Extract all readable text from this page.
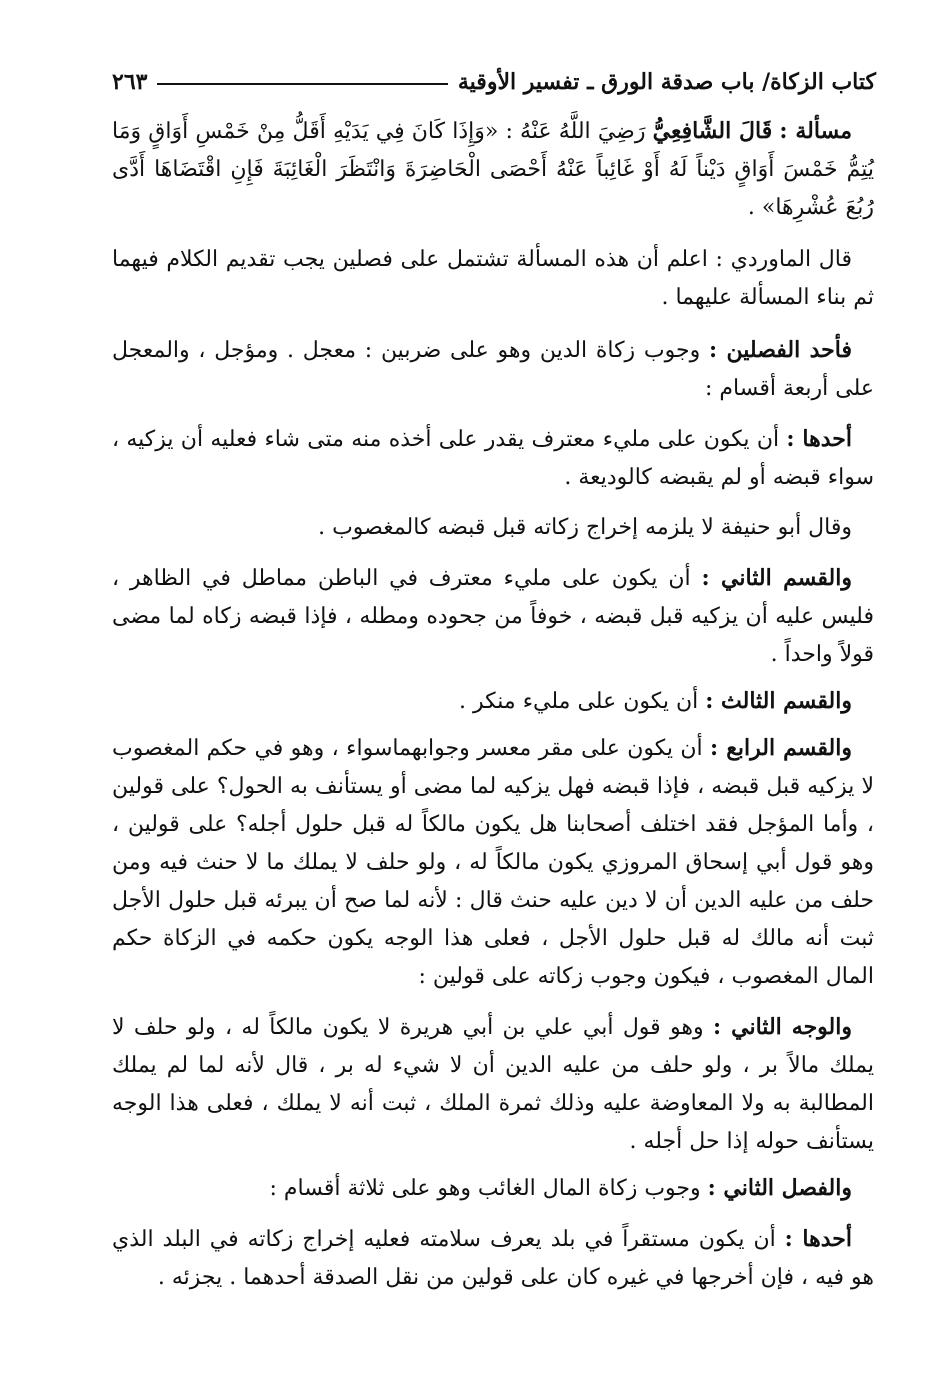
كتاب الزكاة/ باب صدقة الورق ـ تفسير الأوقية
٢٦٣

مسألة : قَالَ الشَّافِعِيُّ رَضِيَ اللَّهُ عَنْهُ : «وَإِذَا كَانَ فِي يَدَيْهِ أَقَلُّ مِنْ خَمْسِ أَوَاقٍ وَمَا يُتِمُّ خَمْسَ أَوَاقٍ دَيْناً لَهُ أَوْ غَائِباً عَنْهُ أَحْصَى الْحَاضِرَةَ وَانْتَظَرَ الْغَائِبَةَ فَإِنِ اقْتَضَاهَا أَدَّى رُبُعَ عُشْرِهَا» .

قال الماوردي : اعلم أن هذه المسألة تشتمل على فصلين يجب تقديم الكلام فيهما ثم بناء المسألة عليهما .

فأحد الفصلين : وجوب زكاة الدين وهو على ضربين : معجل . ومؤجل ، والمعجل على أربعة أقسام :

أحدها : أن يكون على مليء معترف يقدر على أخذه منه متى شاء فعليه أن يزكيه ، سواء قبضه أو لم يقبضه كالوديعة .

وقال أبو حنيفة لا يلزمه إخراج زكاته قبل قبضه كالمغصوب .

والقسم الثاني : أن يكون على مليء معترف في الباطن مماطل في الظاهر ، فليس عليه أن يزكيه قبل قبضه ، خوفاً من جحوده ومطله ، فإذا قبضه زكاه لما مضى قولاً واحداً .

والقسم الثالث : أن يكون على مليء منكر .

والقسم الرابع : أن يكون على مقر معسر وجوابهماسواء ، وهو في حكم المغصوب لا يزكيه قبل قبضه ، فإذا قبضه فهل يزكيه لما مضى أو يستأنف به الحول؟ على قولين ، وأما المؤجل فقد اختلف أصحابنا هل يكون مالكاً له قبل حلول أجله؟ على قولين ، وهو قول أبي إسحاق المروزي يكون مالكاً له ، ولو حلف لا يملك ما لا حنث فيه ومن حلف من عليه الدين أن لا دين عليه حنث قال : لأنه لما صح أن يبرئه قبل حلول الأجل ثبت أنه مالك له قبل حلول الأجل ، فعلى هذا الوجه يكون حكمه في الزكاة حكم المال المغصوب ، فيكون وجوب زكاته على قولين :

والوجه الثاني : وهو قول أبي علي بن أبي هريرة لا يكون مالكاً له ، ولو حلف لا يملك مالاً بر ، ولو حلف من عليه الدين أن لا شيء له بر ، قال لأنه لما لم يملك المطالبة به ولا المعاوضة عليه وذلك ثمرة الملك ، ثبت أنه لا يملك ، فعلى هذا الوجه يستأنف حوله إذا حل أجله .

والفصل الثاني : وجوب زكاة المال الغائب وهو على ثلاثة أقسام :

أحدها : أن يكون مستقراً في بلد يعرف سلامته فعليه إخراج زكاته في البلد الذي هو فيه ، فإن أخرجها في غيره كان على قولين من نقل الصدقة أحدهما . يجزئه .
